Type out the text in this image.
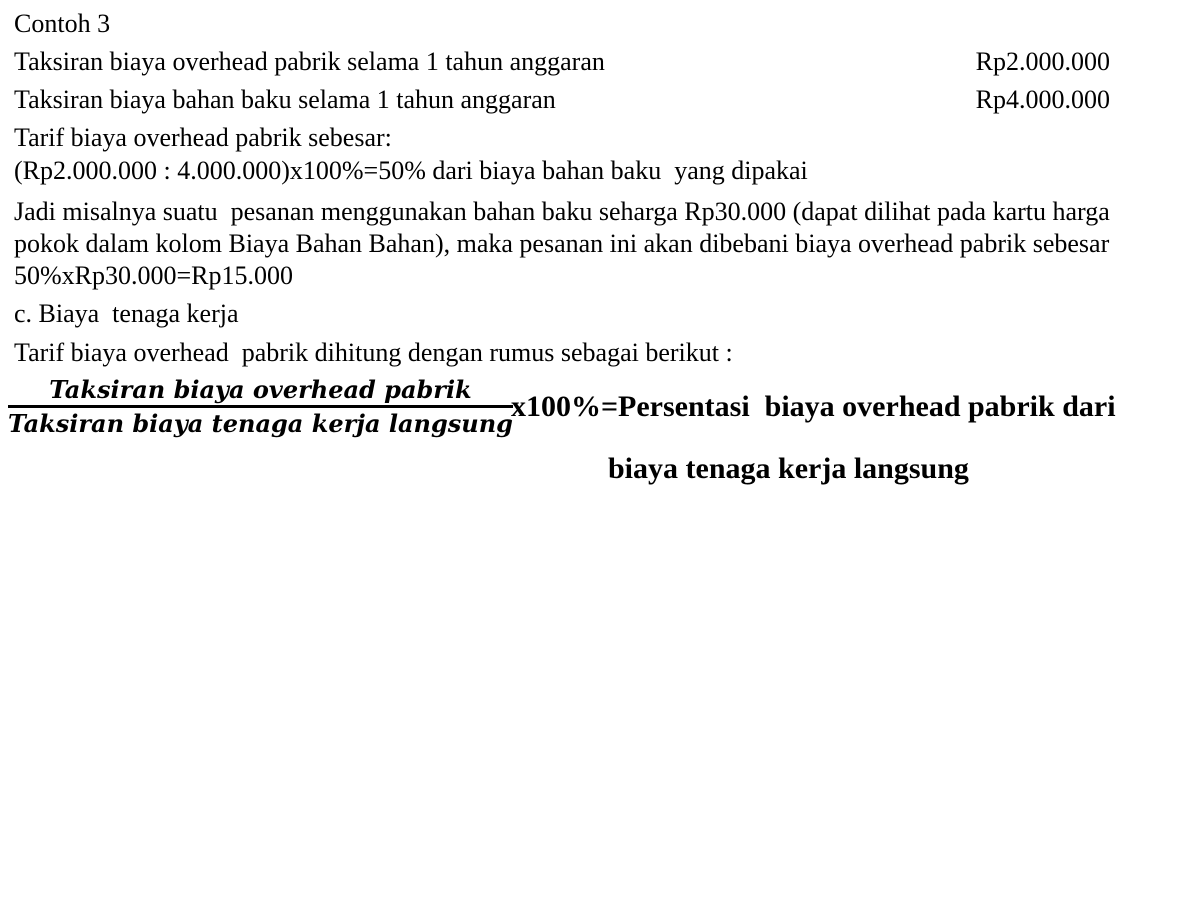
Contoh 3
Taksiran biaya overhead pabrik selama 1 tahun anggaran	Rp2.000.000
Taksiran biaya bahan baku selama 1 tahun anggaran	Rp4.000.000
Tarif biaya overhead pabrik sebesar:
(Rp2.000.000 : 4.000.000)x100%=50% dari biaya bahan baku  yang dipakai
Jadi misalnya suatu  pesanan menggunakan bahan baku seharga Rp30.000 (dapat dilihat pada kartu harga
pokok dalam kolom Biaya Bahan Bahan), maka pesanan ini akan dibebani biaya overhead pabrik sebesar
50%xRp30.000=Rp15.000
c. Biaya  tenaga kerja
Tarif biaya overhead  pabrik dihitung dengan rumus sebagai berikut :
$\frac{\text{Taksiran biaya overhead pabrik}}{\text{Taksiran biaya tenaga kerja langsung}}$
x100%=Persentasi  biaya overhead pabrik dari
biaya tenaga kerja langsung
